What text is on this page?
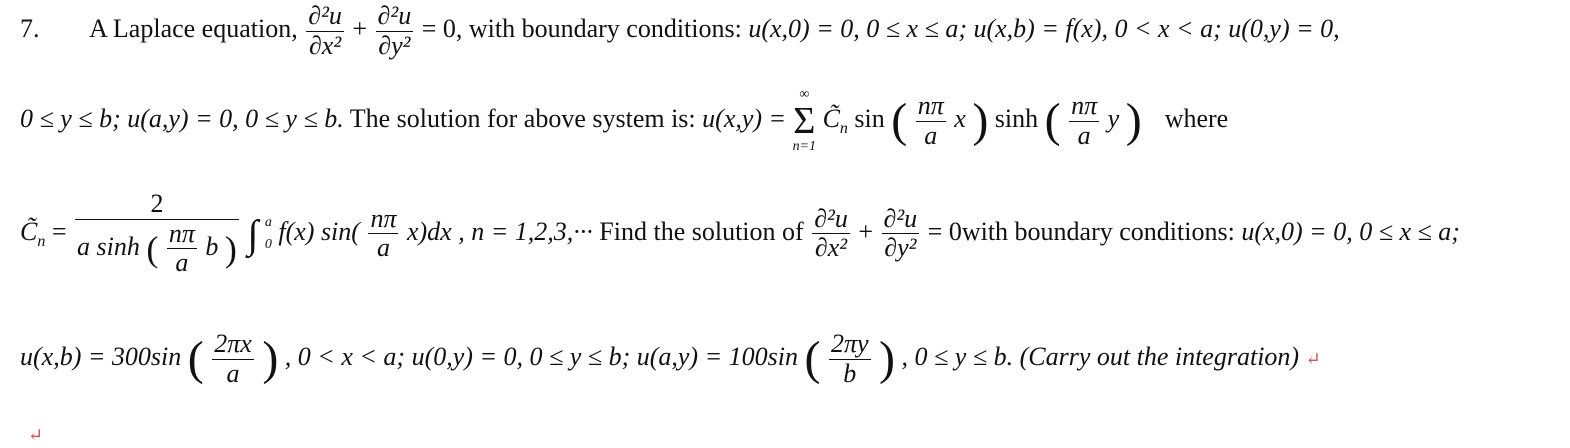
7. A Laplace equation, $\frac{\text{∂²u}}{\text{∂x²}} + \frac{\text{∂²u}}{\text{∂y²}} = 0$, with boundary conditions: u(x,0) = 0, 0 ≤ x ≤ a; u(x,b) = f(x), 0 < x < a; u(0,y) = 0,
0 ≤ y ≤ b; u(a,y) = 0, 0 ≤ y ≤ b. The solution for above system is: u(x,y) =
∞
Σ
n=1
$C̃_n$ sin ( $\frac{n\pi}{a}$ x ) sinh ( $\frac{n\pi}{a}$ y ) where
$C̃_n$ =
2
a sinh ( $\frac{n\pi}{a}$ b ) ∫ a
0 f(x) $\sin( \frac{n\pi}{a} x)dx$ , n = 1,2,3,··· Find the solution of $\frac{\text{∂²u}}{\text{∂x²}} + \frac{\text{∂²u}}{\text{∂y²}}$ = 0with boundary conditions: u(x,0) = 0, 0 ≤ x ≤ a;
u(x,b) = 300sin ( $\frac{2\pi x}{a}$ ) , 0 < x < a; u(0,y) = 0, 0 ≤ y ≤ b; u(a,y) = 100sin ( $\frac{2\pi y}{b}$ ) , 0 ≤ y ≤ b. (Carry out the integration) ↵
↵
